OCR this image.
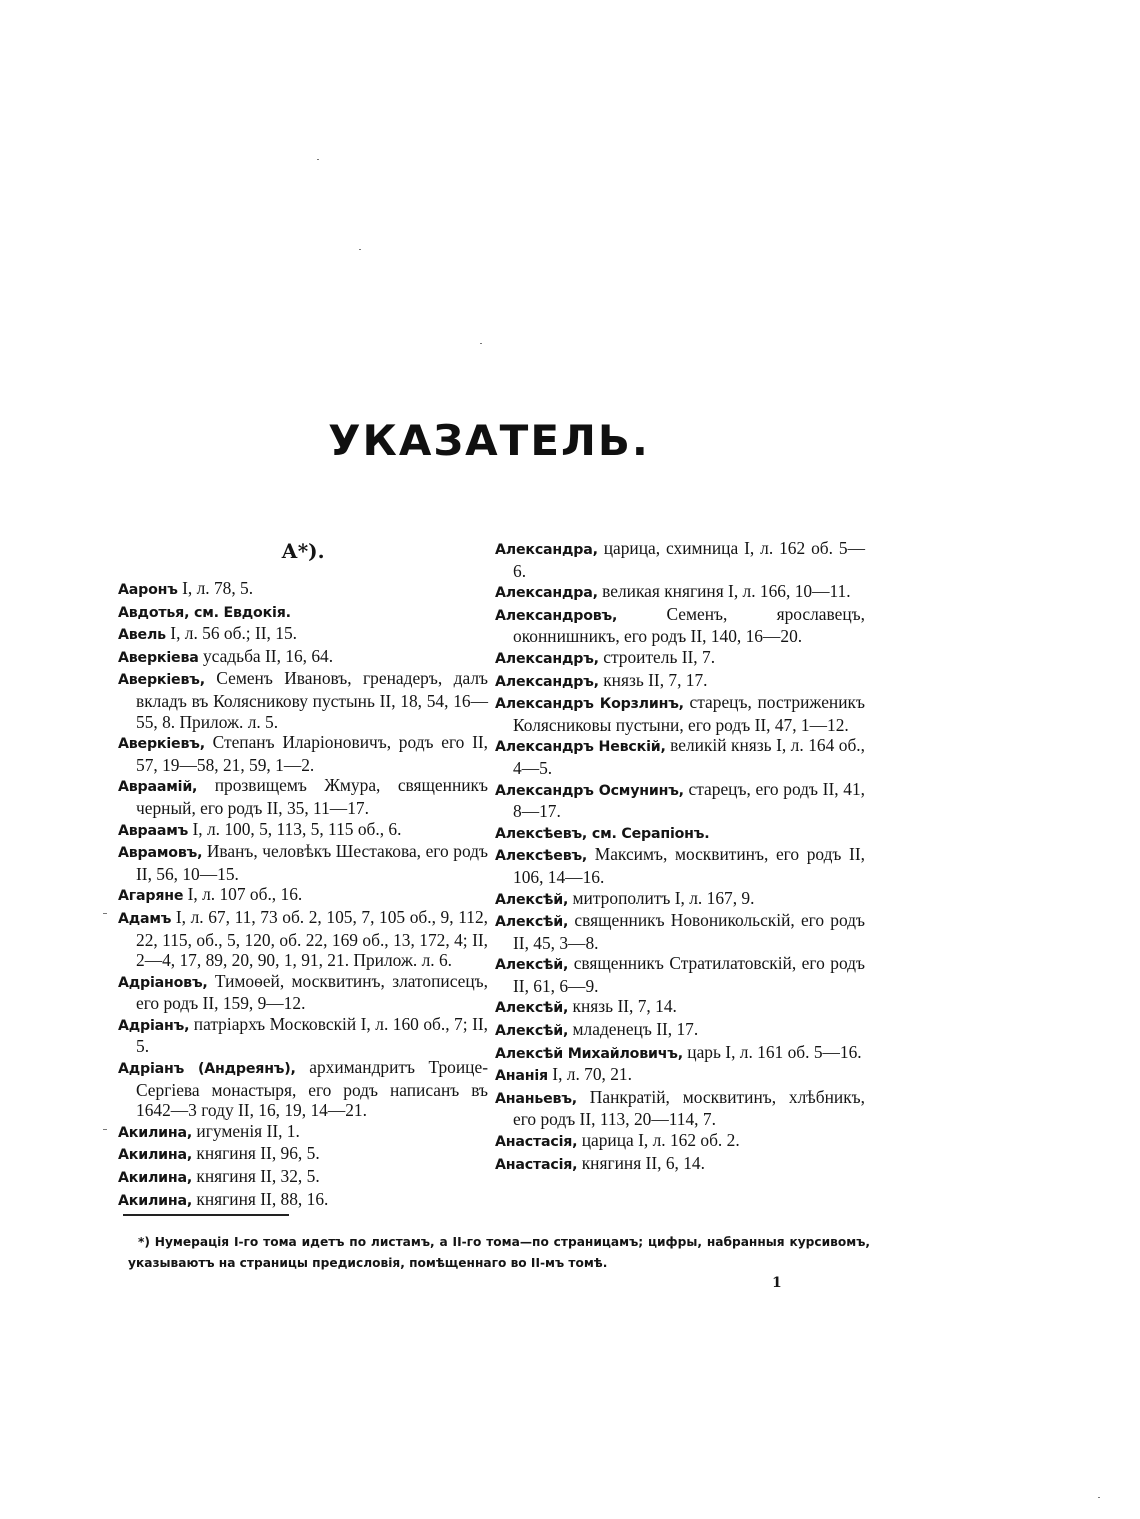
УКАЗАТЕЛЬ.
А*).

Ааронъ I, л. 78, 5.

Авдотья, см. Евдокія.

Авель I, л. 56 об.; II, 15.

Аверкіева усадьба II, 16, 64.

Аверкіевъ, Семенъ Ивановъ, гренадеръ, далъ вкладъ въ Колясникову пустынь II, 18, 54, 16—55, 8. Прилож. л. 5.

Аверкіевъ, Степанъ Иларіоновичъ, родъ его II, 57, 19—58, 21, 59, 1—2.

Авраамій, прозвищемъ Жмура, священникъ черный, его родъ II, 35, 11—17.

Авраамъ I, л. 100, 5, 113, 5, 115 об., 6.

Аврамовъ, Иванъ, человѣкъ Шестакова, его родъ II, 56, 10—15.

Агаряне I, л. 107 об., 16.

Адамъ I, л. 67, 11, 73 об. 2, 105, 7, 105 об., 9, 112, 22, 115, об., 5, 120, об. 22, 169 об., 13, 172, 4; II, 2—4, 17, 89, 20, 90, 1, 91, 21. Прилож. л. 6.

Адріановъ, Тимоѳей, москвитинъ, златописецъ, его родъ II, 159, 9—12.

Адріанъ, патріархъ Московскій I, л. 160 об., 7; II, 5.

Адріанъ (Андреянъ), архимандритъ Троице-Сергіева монастыря, его родъ написанъ въ 1642—3 году II, 16, 19, 14—21.

Акилина, игуменія II, 1.

Акилина, княгиня II, 96, 5.

Акилина, княгиня II, 32, 5.

Акилина, княгиня II, 88, 16.

Александра, царица, схимница I, л. 162 об. 5—6.

Александра, великая княгиня I, л. 166, 10—11.

Александровъ, Семенъ, ярославецъ, оконнишникъ, его родъ II, 140, 16—20.

Александръ, строитель II, 7.

Александръ, князь II, 7, 17.

Александръ Корзлинъ, старецъ, постриженикъ Колясниковы пустыни, его родъ II, 47, 1—12.

Александръ Невскій, великій князь I, л. 164 об., 4—5.

Александръ Осмунинъ, старецъ, его родъ II, 41, 8—17.

Алексѣевъ, см. Серапіонъ.

Алексѣевъ, Максимъ, москвитинъ, его родъ II, 106, 14—16.

Алексѣй, митрополитъ I, л. 167, 9.

Алексѣй, священникъ Новоникольскій, его родъ II, 45, 3—8.

Алексѣй, священникъ Стратилатовскій, его родъ II, 61, 6—9.

Алексѣй, князь II, 7, 14.

Алексѣй, младенецъ II, 17.

Алексѣй Михайловичъ, царь I, л. 161 об. 5—16.

Ананія I, л. 70, 21.

Ананьевъ, Панкратій, москвитинъ, хлѣбникъ, его родъ II, 113, 20—114, 7.

Анастасія, царица I, л. 162 об. 2.

Анастасія, княгиня II, 6, 14.

*) Нумерація I-го тома идетъ по листамъ, а II-го тома—по страницамъ; цифры, набранныя курсивомъ, указываютъ на страницы предисловія, помѣщеннаго во II-мъ томѣ.

1
